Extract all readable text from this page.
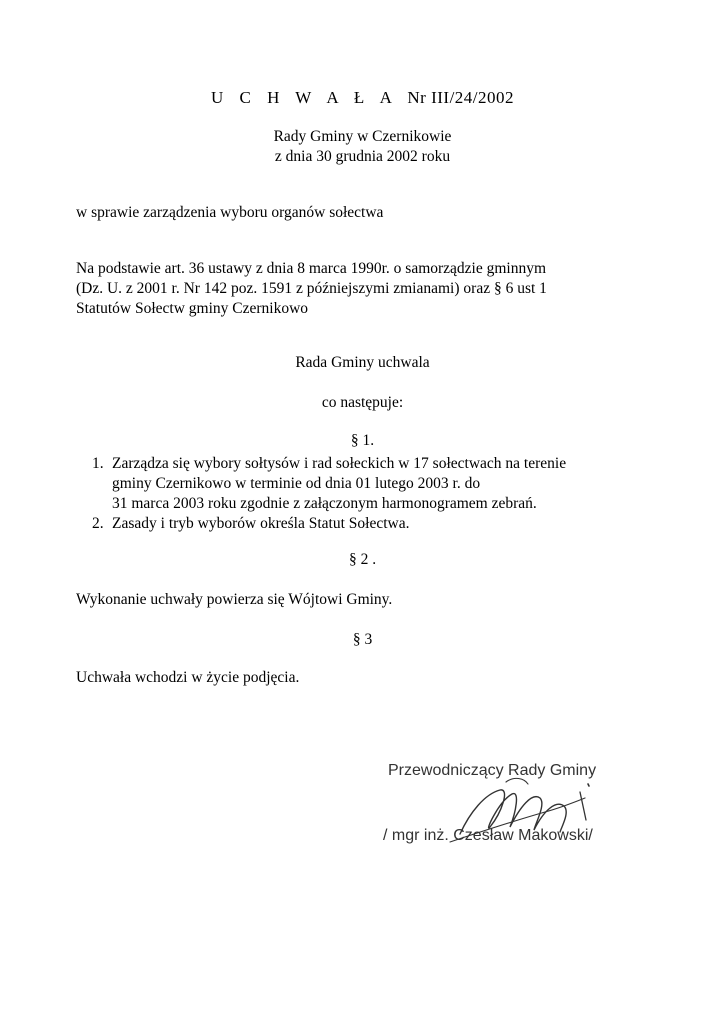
U C H W A Ł A Nr III/24/2002
Rady Gminy w Czernikowie
z dnia 30 grudnia 2002 roku
w sprawie zarządzenia wyboru organów sołectwa
Na podstawie art. 36 ustawy z dnia 8 marca 1990r. o samorządzie gminnym
(Dz. U. z 2001 r. Nr 142 poz. 1591 z późniejszymi zmianami) oraz § 6 ust 1
Statutów Sołectw gminy Czernikowo
Rada Gminy uchwala
co następuje:
§ 1.
1. Zarządza się wybory sołtysów i rad sołeckich w 17 sołectwach na terenie
gminy Czernikowo w terminie od dnia 01 lutego 2003 r. do
31 marca 2003 roku zgodnie z załączonym harmonogramem zebrań.
2. Zasady i tryb wyborów określa Statut Sołectwa.
§ 2 .
Wykonanie uchwały powierza się Wójtowi Gminy.
§ 3
Uchwała wchodzi w życie podjęcia.
Przewodniczący Rady Gminy
/ mgr inż. Czesław Makowski/
